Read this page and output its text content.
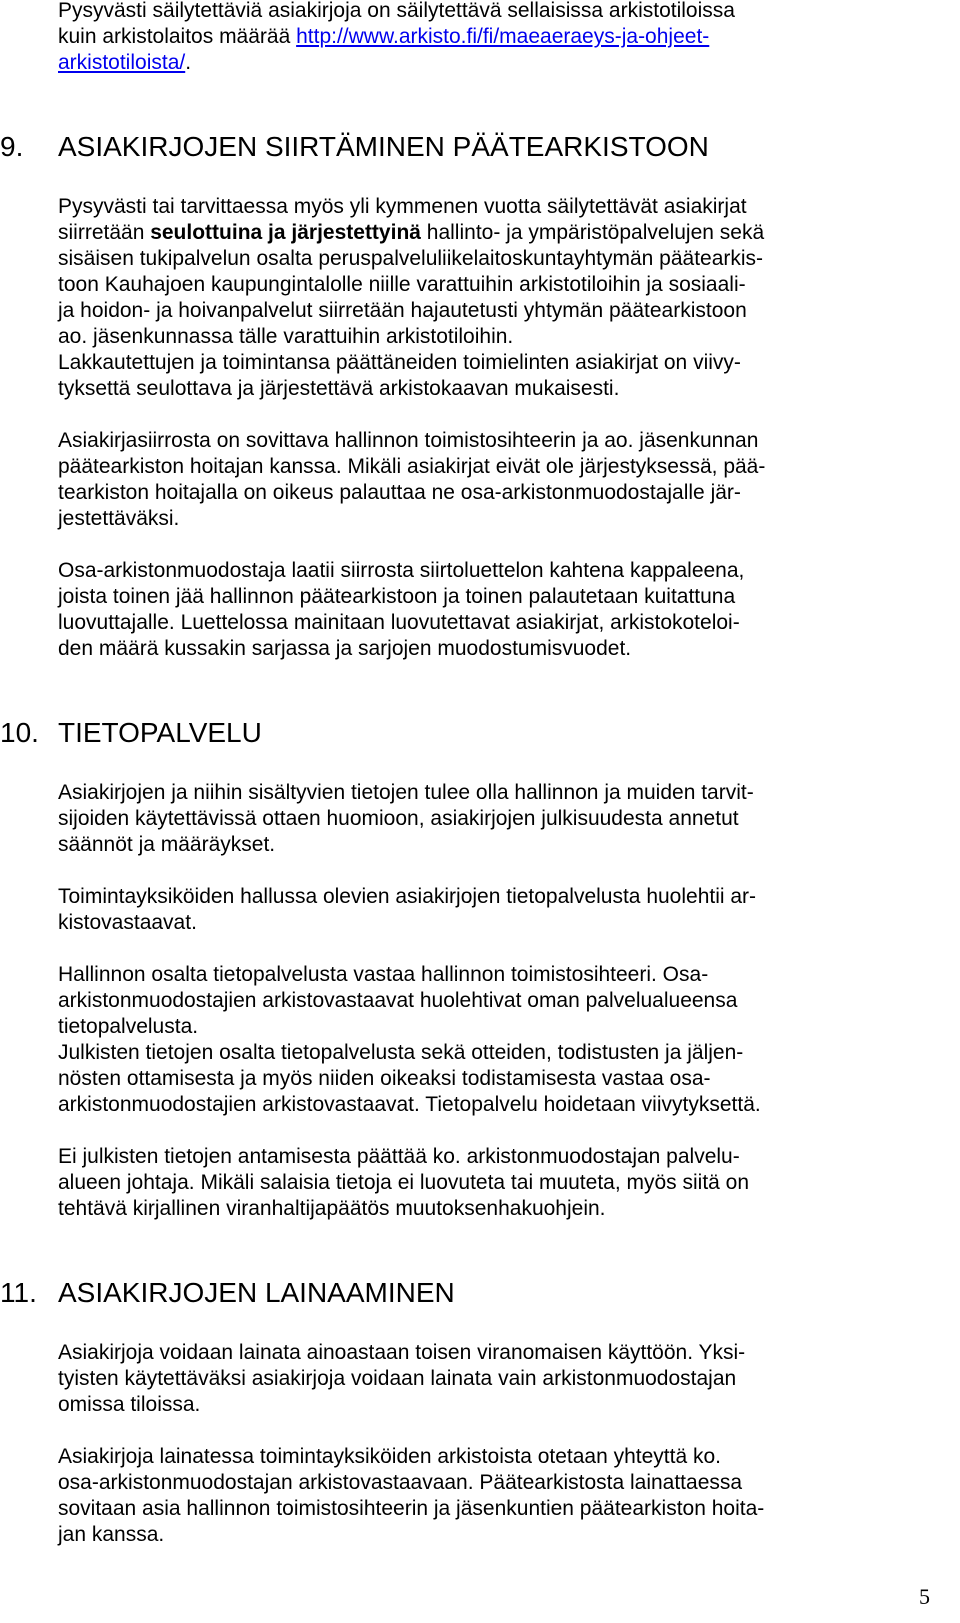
Pysyvästi säilytettäviä asiakirjoja on säilytettävä sellaisissa arkistotiloissa
kuin arkistolaitos määrää http://www.arkisto.fi/fi/maeaeraeys-ja-ohjeet-
arkistotiloista/.
9. ASIAKIRJOJEN SIIRTÄMINEN PÄÄTEARKISTOON
Pysyvästi tai tarvittaessa myös yli kymmenen vuotta säilytettävät asiakirjat
siirretään seulottuina ja järjestettyinä hallinto- ja ympäristöpalvelujen sekä
sisäisen tukipalvelun osalta peruspalveluliikelaitoskuntayhtymän päätearkis-
toon Kauhajoen kaupungintalolle niille varattuihin arkistotiloihin ja sosiaali-
ja hoidon- ja hoivanpalvelut siirretään hajautetusti yhtymän päätearkistoon
ao. jäsenkunnassa tälle varattuihin arkistotiloihin.
Lakkautettujen ja toimintansa päättäneiden toimielinten asiakirjat on viivy-
tyksettä seulottava ja järjestettävä arkistokaavan mukaisesti.
Asiakirjasiirrosta on sovittava hallinnon toimistosihteerin ja ao. jäsenkunnan
päätearkiston hoitajan kanssa. Mikäli asiakirjat eivät ole järjestyksessä, pää-
tearkiston hoitajalla on oikeus palauttaa ne osa-arkistonmuodostajalle jär-
jestettäväksi.
Osa-arkistonmuodostaja laatii siirrosta siirtoluettelon kahtena kappaleena,
joista toinen jää hallinnon päätearkistoon ja toinen palautetaan kuitattuna
luovuttajalle. Luettelossa mainitaan luovutettavat asiakirjat, arkistokoteloi-
den määrä kussakin sarjassa ja sarjojen muodostumisvuodet.
10. TIETOPALVELU
Asiakirjojen ja niihin sisältyvien tietojen tulee olla hallinnon ja muiden tarvit-
sijoiden käytettävissä ottaen huomioon, asiakirjojen julkisuudesta annetut
säännöt ja määräykset.
Toimintayksiköiden hallussa olevien asiakirjojen tietopalvelusta huolehtii ar-
kistovastaavat.
Hallinnon osalta tietopalvelusta vastaa hallinnon toimistosihteeri. Osa-
arkistonmuodostajien arkistovastaavat huolehtivat oman palvelualueensa
tietopalvelusta.
Julkisten tietojen osalta tietopalvelusta sekä otteiden, todistusten ja jäljen-
nösten ottamisesta ja myös niiden oikeaksi todistamisesta vastaa osa-
arkistonmuodostajien arkistovastaavat. Tietopalvelu hoidetaan viivytyksettä.
Ei julkisten tietojen antamisesta päättää ko. arkistonmuodostajan palvelu-
alueen johtaja. Mikäli salaisia tietoja ei luovuteta tai muuteta, myös siitä on
tehtävä kirjallinen viranhaltijapäätös muutoksenhakuohjein.
11. ASIAKIRJOJEN LAINAAMINEN
Asiakirjoja voidaan lainata ainoastaan toisen viranomaisen käyttöön. Yksi-
tyisten käytettäväksi asiakirjoja voidaan lainata vain arkistonmuodostajan
omissa tiloissa.
Asiakirjoja lainatessa toimintayksiköiden arkistoista otetaan yhteyttä ko.
osa-arkistonmuodostajan arkistovastaavaan. Päätearkistosta lainattaessa
sovitaan asia hallinnon toimistosihteerin ja jäsenkuntien päätearkiston hoita-
jan kanssa.
5
